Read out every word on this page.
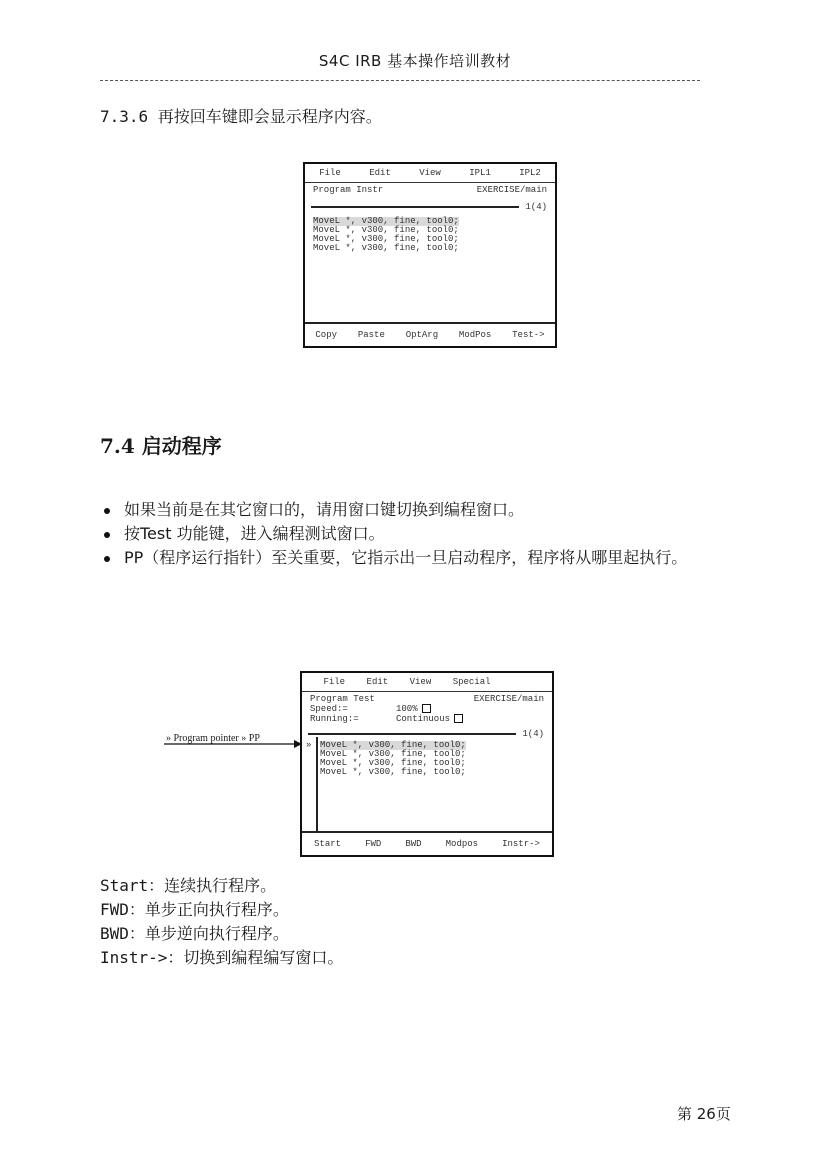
S4C IRB 基本操作培训教材
7.3.6 再按回车键即会显示程序内容。
File	Edit	View	IPL1	IPL2
Program Instr	EXERCISE/main
1(4)
MoveL *, v300, fine, tool0;
MoveL *, v300, fine, tool0;
MoveL *, v300, fine, tool0;
MoveL *, v300, fine, tool0;
Copy Paste OptArg ModPos Test->
7.4 启动程序
如果当前是在其它窗口的，请用窗口键切换到编程窗口。
按Test 功能键，进入编程测试窗口。
PP（程序运行指针）至关重要，它指示出一旦启动程序，程序将从哪里起执行。
» Program pointer » PP
File Edit View Special
Program Test	EXERCISE/main
Speed:=	100%
Running:=	Continuous
1(4)
» MoveL *, v300, fine, tool0;
MoveL *, v300, fine, tool0;
MoveL *, v300, fine, tool0;
MoveL *, v300, fine, tool0;
Start	FWD	BWD	Modpos	Instr->
Start：连续执行程序。
FWD：单步正向执行程序。
BWD：单步逆向执行程序。
Instr->：切换到编程编写窗口。
第 26页
